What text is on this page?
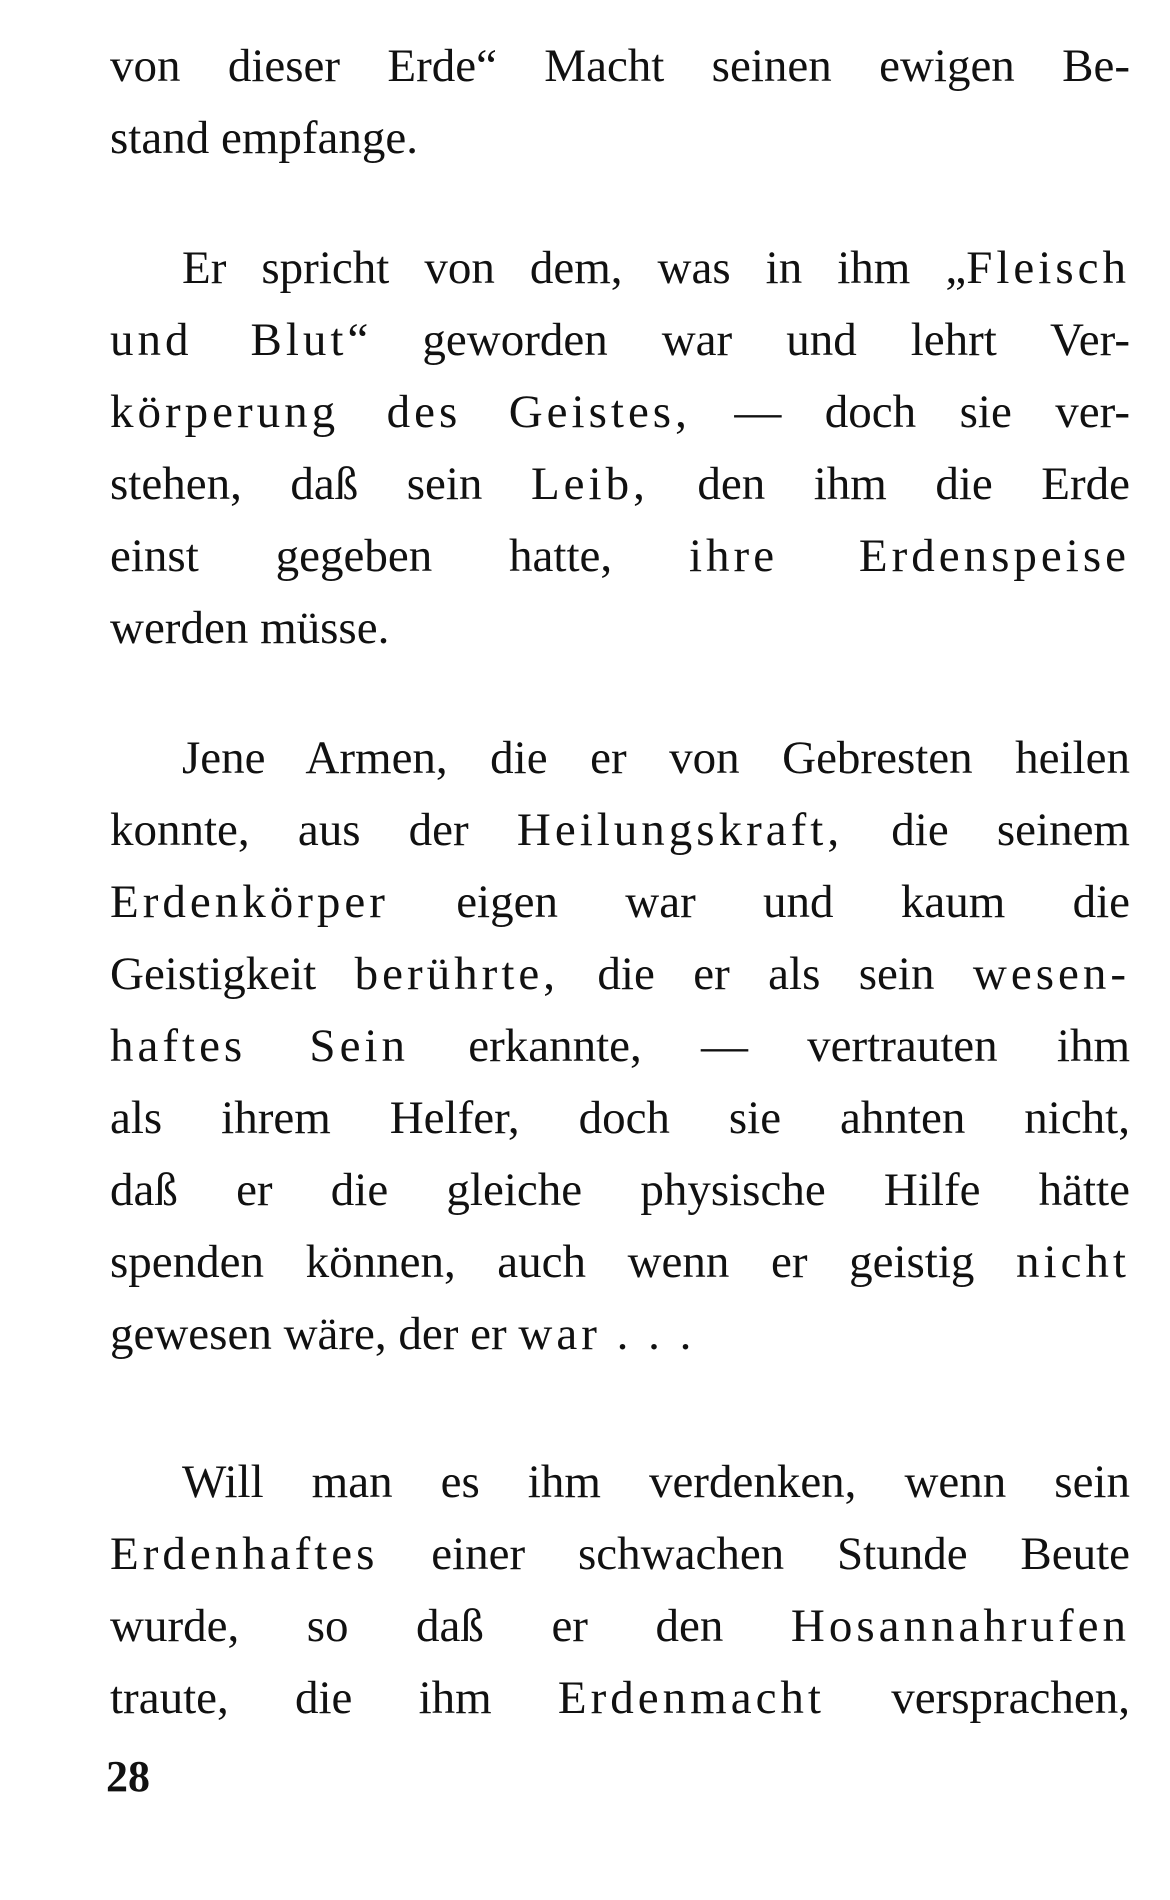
von dieser Erde“ Macht seinen ewigen Be-
stand empfange.
Er spricht von dem, was in ihm „Fleisch
und Blut“ geworden war und lehrt Ver-
körperung des Geistes, — doch sie ver-
stehen, daß sein Leib, den ihm die Erde
einst gegeben hatte, ihre Erdenspeise
werden müsse.
Jene Armen, die er von Gebresten heilen
konnte, aus der Heilungskraft, die seinem
Erdenkörper eigen war und kaum die
Geistigkeit berührte, die er als sein wesen-
haftes Sein erkannte, — vertrauten ihm
als ihrem Helfer, doch sie ahnten nicht,
daß er die gleiche physische Hilfe hätte
spenden können, auch wenn er geistig nicht
gewesen wäre, der er war . . .
Will man es ihm verdenken, wenn sein
Erdenhaftes einer schwachen Stunde Beute
wurde, so daß er den Hosannahrufen
traute, die ihm Erdenmacht versprachen,
28
